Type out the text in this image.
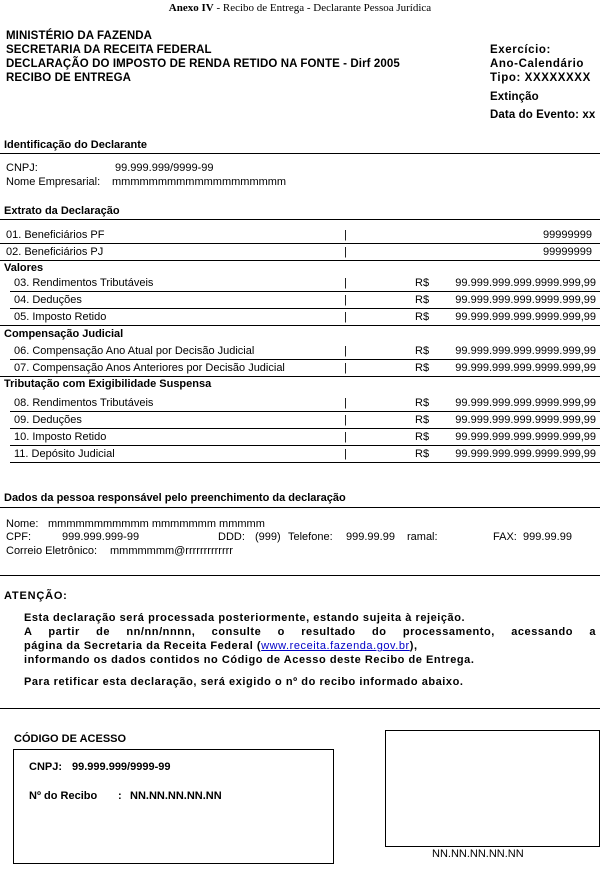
Anexo IV - Recibo de Entrega - Declarante Pessoa Jurídica
MINISTÉRIO DA FAZENDA
SECRETARIA DA RECEITA FEDERAL
DECLARAÇÃO DO IMPOSTO DE RENDA RETIDO NA FONTE - Dirf 2005
RECIBO DE ENTREGA
Exercício:
Ano-Calendário
Tipo: XXXXXXXX
Extinção
Data do Evento: xx
Identificação do Declarante
CNPJ:	99.999.999/9999-99
Nome Empresarial: mmmmmmmmmmmmmmmmmmm
Extrato da Declaração
01. Beneficiários PF	|	99999999
02. Beneficiários PJ	|	99999999
Valores
03. Rendimentos Tributáveis	|	R$ 99.999.999.999.9999.999,99
04. Deduções	|	R$ 99.999.999.999.9999.999,99
05. Imposto Retido	|	R$ 99.999.999.999.9999.999,99
Compensação Judicial
06. Compensação Ano Atual por Decisão Judicial	|	R$ 99.999.999.999.9999.999,99
07. Compensação Anos Anteriores por Decisão Judicial	|	R$ 99.999.999.999.9999.999,99
Tributação com Exigibilidade Suspensa
08. Rendimentos Tributáveis	|	R$ 99.999.999.999.9999.999,99
09. Deduções	|	R$ 99.999.999.999.9999.999,99
10. Imposto Retido	|	R$ 99.999.999.999.9999.999,99
11. Depósito Judicial	|	R$ 99.999.999.999.9999.999,99
Dados da pessoa responsável pelo preenchimento da declaração
Nome: mmmmmmmmmmm mmmmmmm mmmmm
CPF:	999.999.999-99	DDD: (999) Telefone: 999.99.99 ramal:	FAX: 999.99.99
Correio Eletrônico: mmmmmmm@rrrrrrrrrrrrr
ATENÇÃO:
Esta declaração será processada posteriormente, estando sujeita à rejeição.
A partir de nn/nn/nnnn, consulte o resultado do processamento, acessando a
página da Secretaria da Receita Federal (www.receita.fazenda.gov.br),
informando os dados contidos no Código de Acesso deste Recibo de Entrega.
Para retificar esta declaração, será exigido o nº do recibo informado abaixo.
CÓDIGO DE ACESSO
CNPJ: 99.999.999/9999-99
Nº do Recibo : NN.NN.NN.NN.NN
NN.NN.NN.NN.NN
